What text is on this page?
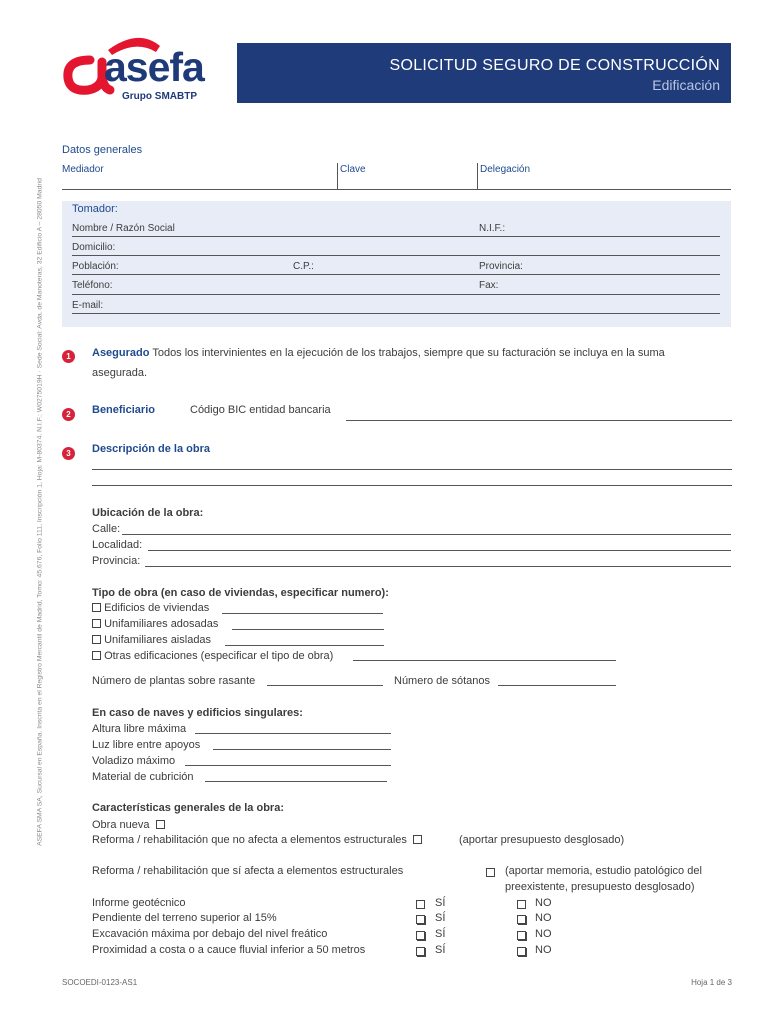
asefa
Grupo SMABTP
SOLICITUD SEGURO DE CONSTRUCCIÓN
Edificación
ASEFA SMA SA, Sucursal en España. Inscrita en el Registro Mercantil de Madrid, Tomo: 45.676, Folio 111, Inscripción 1, Hoja: M-80374. N.I.F.: W0275019H · Sede Social: Avda. de Manoteras, 32 Edificio A – 28050 Madrid
Datos generales
Mediador	Clave	Delegación
Tomador:
Nombre / Razón Social	N.I.F.:
Domicilio:
Población:	C.P.:	Provincia:
Teléfono:	Fax:
E-mail:
1	Asegurado Todos los intervinientes en la ejecución de los trabajos, siempre que su facturación se incluya en la suma
asegurada.
2	Beneficiario	Código BIC entidad bancaria
3	Descripción de la obra
Ubicación de la obra:
Calle:
Localidad:
Provincia:
Tipo de obra (en caso de viviendas, especificar numero):
Edificios de viviendas
Unifamiliares adosadas
Unifamiliares aisladas
Otras edificaciones (especificar el tipo de obra)
Número de plantas sobre rasante	Número de sótanos
En caso de naves y edificios singulares:
Altura libre máxima
Luz libre entre apoyos
Voladizo máximo
Material de cubrición
Características generales de la obra:
Obra nueva
Reforma / rehabilitación que no afecta a elementos estructurales	(aportar presupuesto desglosado)
Reforma / rehabilitación que sí afecta a elementos estructurales	(aportar memoria, estudio patológico del
preexistente, presupuesto desglosado)
Informe geotécnico	SÍ	NO
Pendiente del terreno superior al 15%	SÍ	NO
Excavación máxima por debajo del nivel freático	SÍ	NO
Proximidad a costa o a cauce fluvial inferior a 50 metros	SÍ	NO
SOCOEDI-0123-AS1	Hoja 1 de 3
